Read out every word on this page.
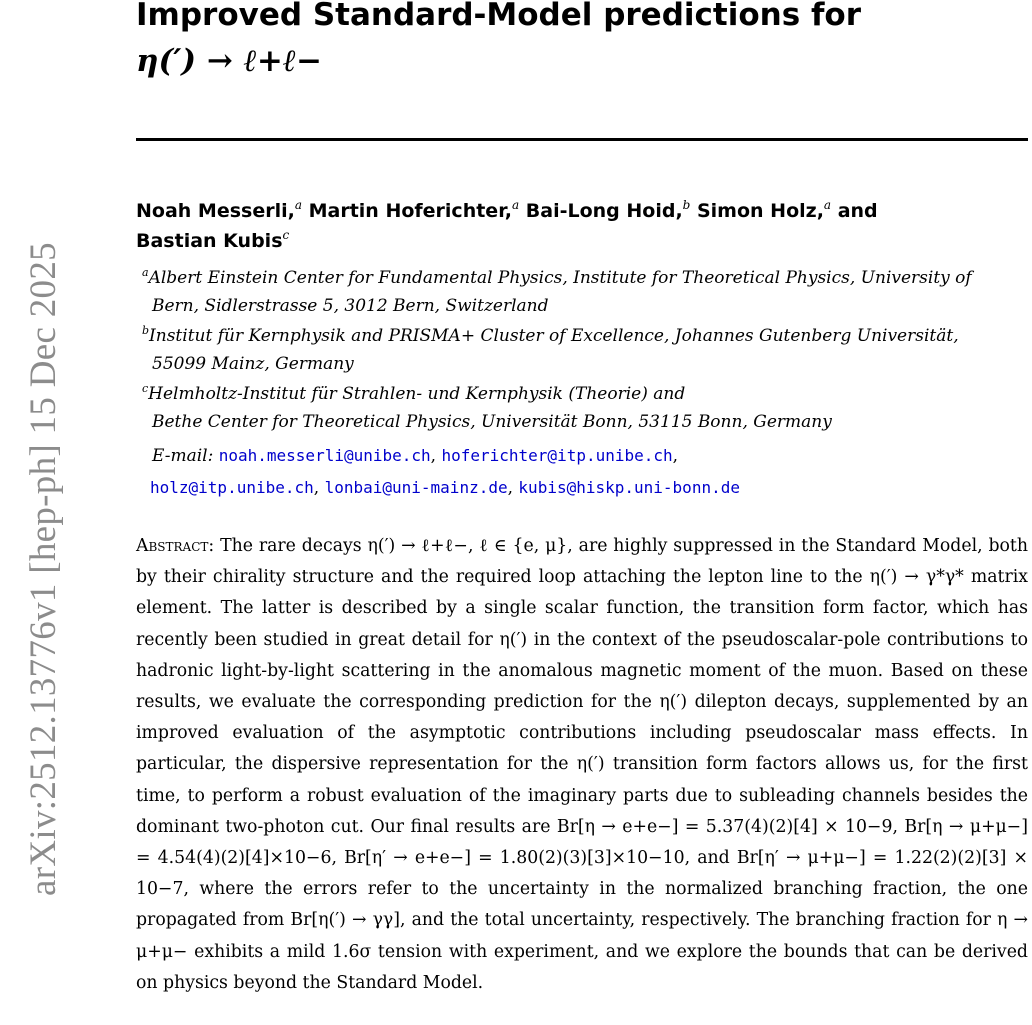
arXiv:2512.13776v1 [hep-ph] 15 Dec 2025
Improved Standard-Model predictions for
η(′) → ℓ+ℓ−
Noah Messerli,$^a$ Martin Hoferichter,$^a$ Bai-Long Hoid,$^b$ Simon Holz,$^a$ and
Bastian Kubis$^c$
$^a$Albert Einstein Center for Fundamental Physics, Institute for Theoretical Physics, University of
Bern, Sidlerstrasse 5, 3012 Bern, Switzerland
$^b$Institut für Kernphysik and PRISMA+ Cluster of Excellence, Johannes Gutenberg Universität,
55099 Mainz, Germany
$^c$Helmholtz-Institut für Strahlen- und Kernphysik (Theorie) and
Bethe Center for Theoretical Physics, Universität Bonn, 53115 Bonn, Germany
E-mail: noah.messerli@unibe.ch, hoferichter@itp.unibe.ch,
holz@itp.unibe.ch, lonbai@uni-mainz.de, kubis@hiskp.uni-bonn.de

Abstract: The rare decays η(′) → ℓ+ℓ−, ℓ ∈ {e, μ}, are highly suppressed in the Standard Model, both by their chirality structure and the required loop attaching the lepton line to the η(′) → γ*γ* matrix element. The latter is described by a single scalar function, the transition form factor, which has recently been studied in great detail for η(′) in the context of the pseudoscalar-pole contributions to hadronic light-by-light scattering in the anomalous magnetic moment of the muon. Based on these results, we evaluate the corresponding prediction for the η(′) dilepton decays, supplemented by an improved evaluation of the asymptotic contributions including pseudoscalar mass effects. In particular, the dispersive representation for the η(′) transition form factors allows us, for the first time, to perform a robust evaluation of the imaginary parts due to subleading channels besides the dominant two-photon cut. Our final results are Br[η → e+e−] = 5.37(4)(2)[4] × 10−9, Br[η → μ+μ−] = 4.54(4)(2)[4]×10−6, Br[η′ → e+e−] = 1.80(2)(3)[3]×10−10, and Br[η′ → μ+μ−] = 1.22(2)(2)[3] × 10−7, where the errors refer to the uncertainty in the normalized branching fraction, the one propagated from Br[η(′) → γγ], and the total uncertainty, respectively. The branching fraction for η → μ+μ− exhibits a mild 1.6σ tension with experiment, and we explore the bounds that can be derived on physics beyond the Standard Model.
